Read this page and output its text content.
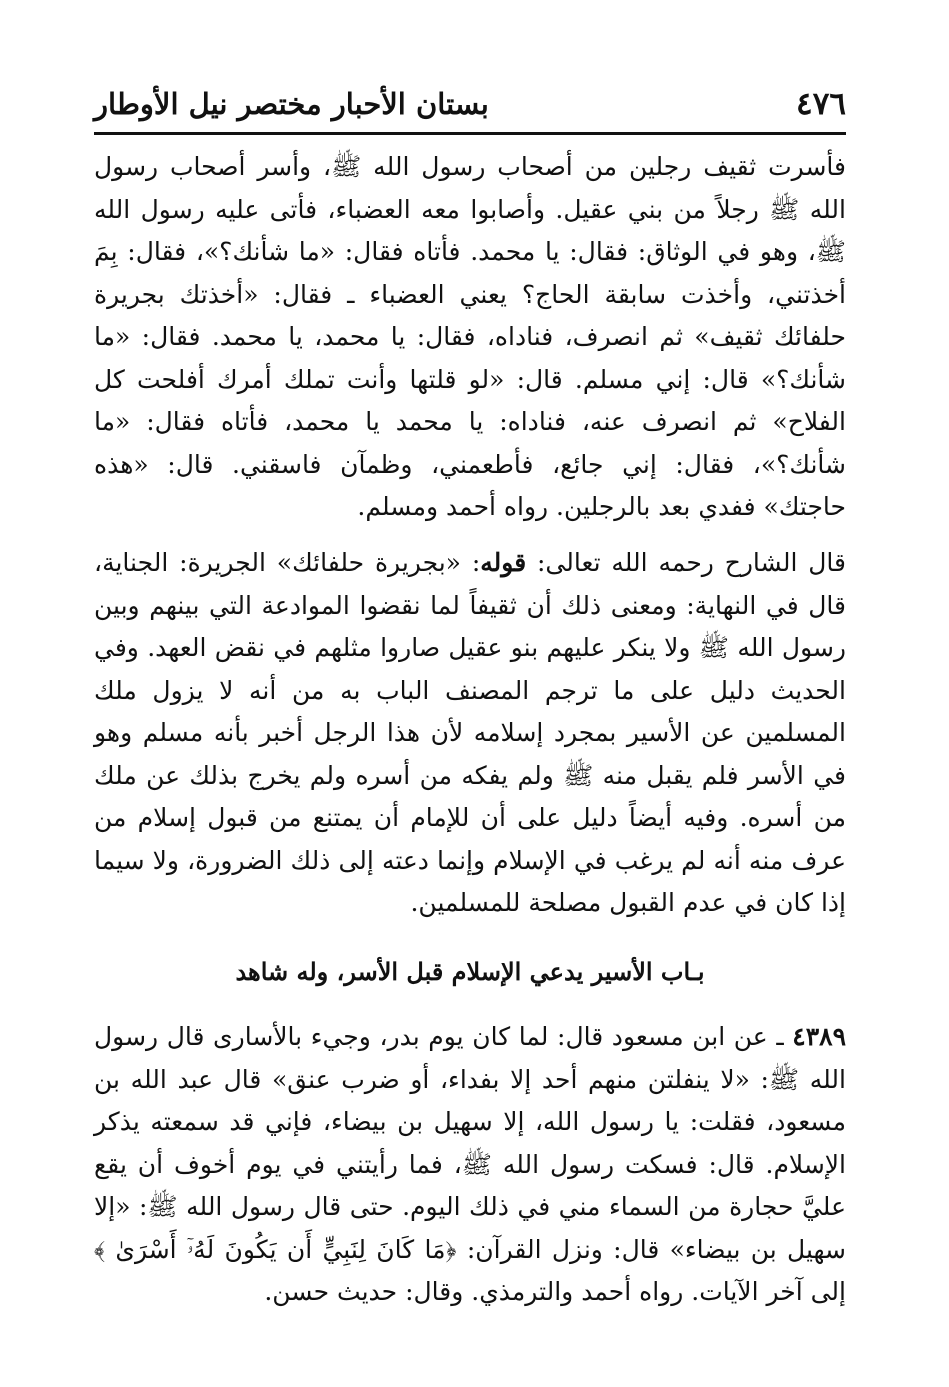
٤٧٦
بستان الأحبار مختصر نيل الأوطار

فأسرت ثقيف رجلين من أصحاب رسول الله ﷺ، وأسر أصحاب رسول الله ﷺ رجلاً من بني عقيل. وأصابوا معه العضباء، فأتى عليه رسول الله ﷺ، وهو في الوثاق: فقال: يا محمد. فأتاه فقال: «ما شأنك؟»، فقال: بِمَ أخذتني، وأخذت سابقة الحاج؟ يعني العضباء ـ فقال: «أخذتك بجريرة حلفائك ثقيف» ثم انصرف، فناداه، فقال: يا محمد، يا محمد. فقال: «ما شأنك؟» قال: إني مسلم. قال: «لو قلتها وأنت تملك أمرك أفلحت كل الفلاح» ثم انصرف عنه، فناداه: يا محمد يا محمد، فأتاه فقال: «ما شأنك؟»، فقال: إني جائع، فأطعمني، وظمآن فاسقني. قال: «هذه حاجتك» ففدي بعد بالرجلين. رواه أحمد ومسلم.

قال الشارح رحمه الله تعالى: قوله: «بجريرة حلفائك» الجريرة: الجناية، قال في النهاية: ومعنى ذلك أن ثقيفاً لما نقضوا الموادعة التي بينهم وبين رسول الله ﷺ ولا ينكر عليهم بنو عقيل صاروا مثلهم في نقض العهد. وفي الحديث دليل على ما ترجم المصنف الباب به من أنه لا يزول ملك المسلمين عن الأسير بمجرد إسلامه لأن هذا الرجل أخبر بأنه مسلم وهو في الأسر فلم يقبل منه ﷺ ولم يفكه من أسره ولم يخرج بذلك عن ملك من أسره. وفيه أيضاً دليل على أن للإمام أن يمتنع من قبول إسلام من عرف منه أنه لم يرغب في الإسلام وإنما دعته إلى ذلك الضرورة، ولا سيما إذا كان في عدم القبول مصلحة للمسلمين.

بـاب الأسير يدعي الإسلام قبل الأسر، وله شاهد

٤٣٨٩ ـ عن ابن مسعود قال: لما كان يوم بدر، وجيء بالأسارى قال رسول الله ﷺ: «لا ينفلتن منهم أحد إلا بفداء، أو ضرب عنق» قال عبد الله بن مسعود، فقلت: يا رسول الله، إلا سهيل بن بيضاء، فإني قد سمعته يذكر الإسلام. قال: فسكت رسول الله ﷺ، فما رأيتني في يوم أخوف أن يقع عليَّ حجارة من السماء مني في ذلك اليوم. حتى قال رسول الله ﷺ: «إلا سهيل بن بيضاء» قال: ونزل القرآن: ﴿مَا كَانَ لِنَبِيٍّ أَن يَكُونَ لَهُۥٓ أَسْرَىٰ ﴾ إلى آخر الآيات. رواه أحمد والترمذي. وقال: حديث حسن.
